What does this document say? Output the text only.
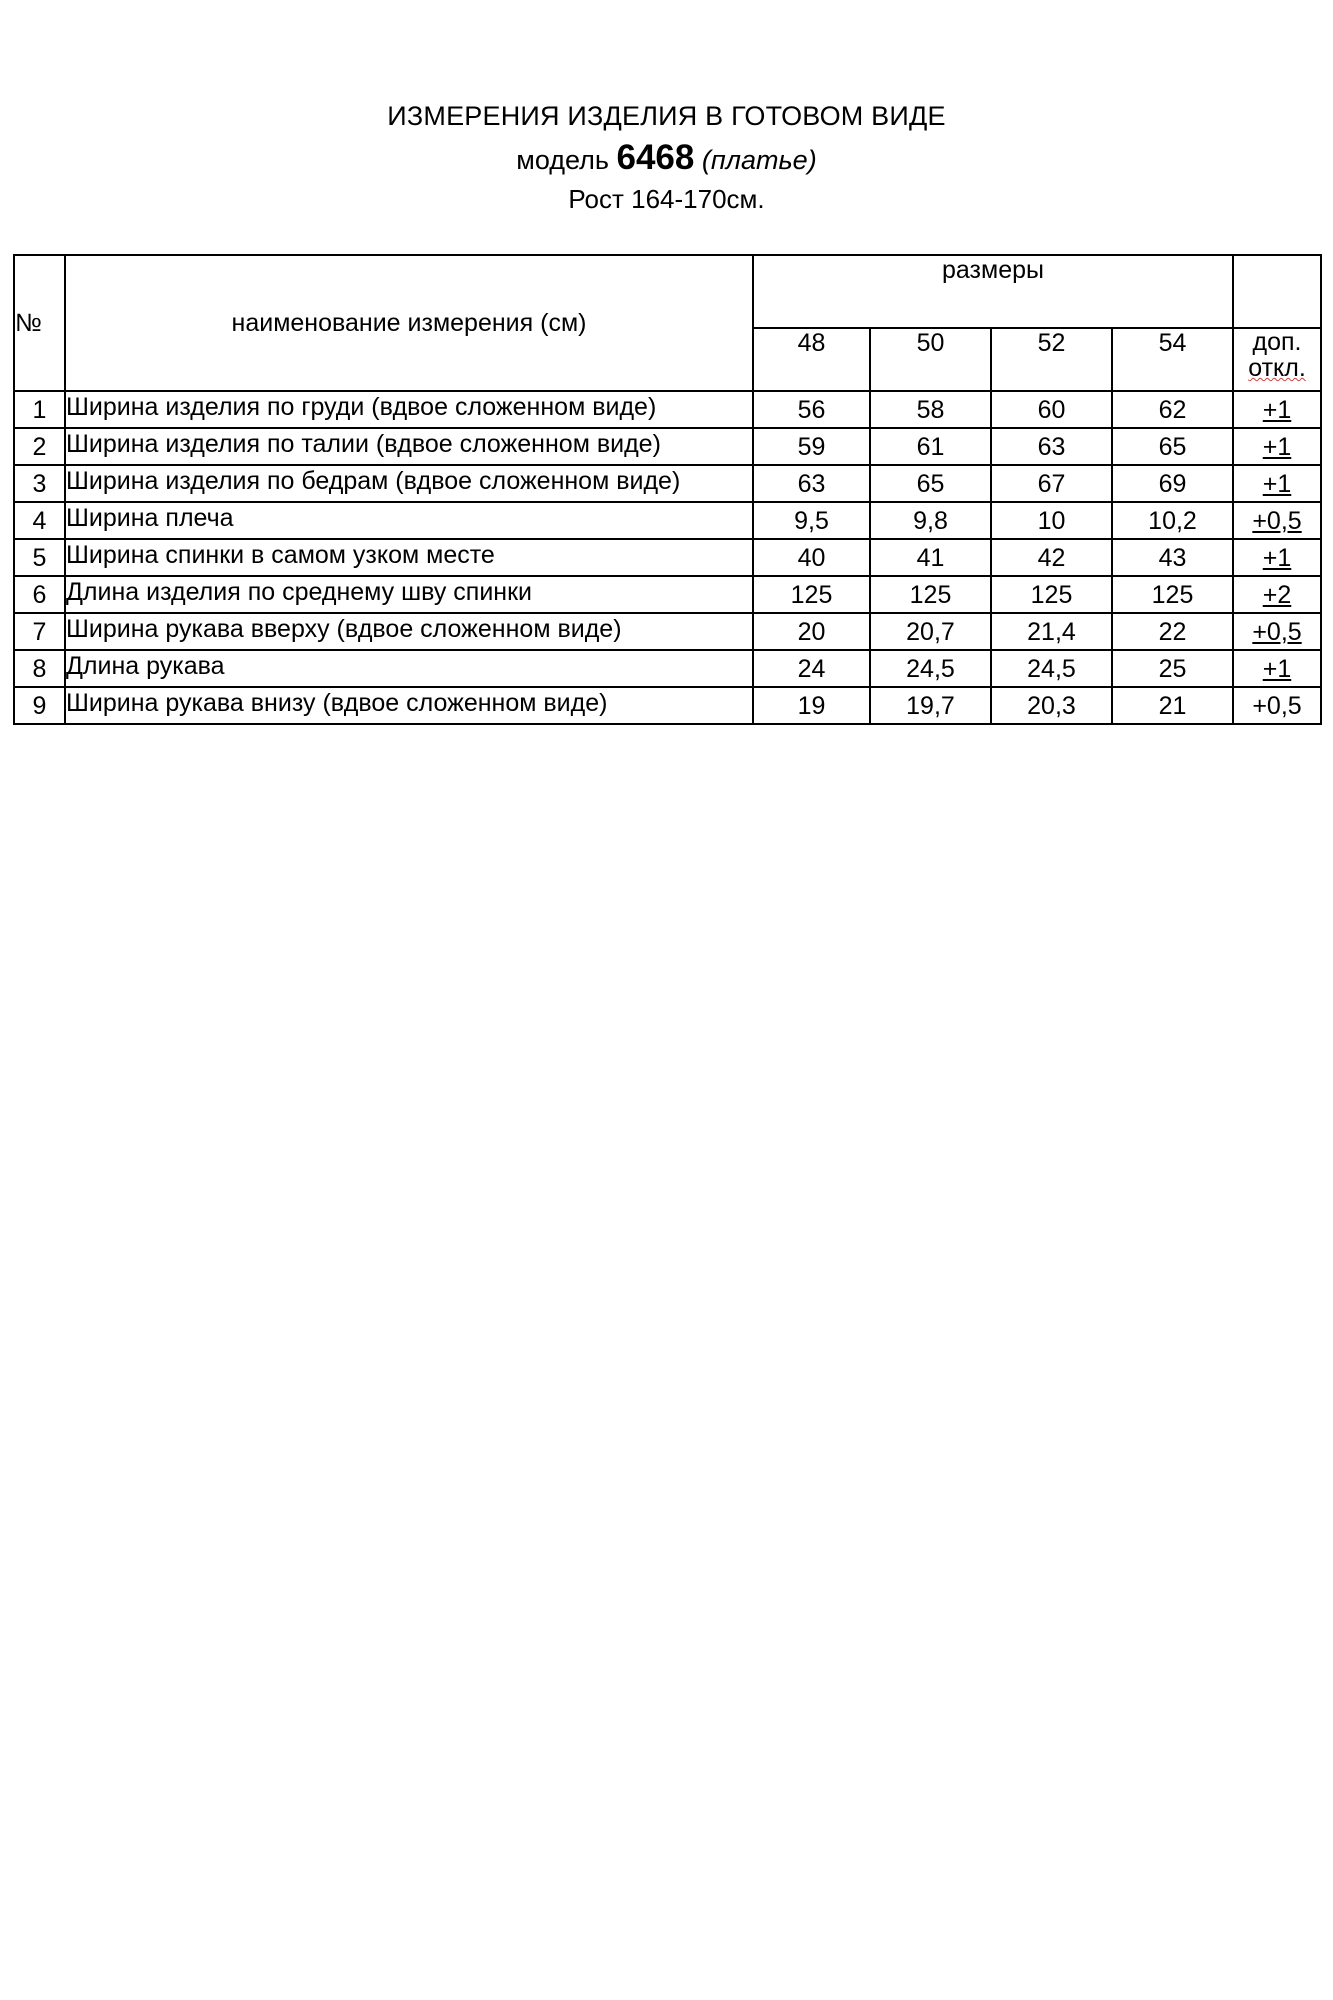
ИЗМЕРЕНИЯ ИЗДЕЛИЯ В ГОТОВОМ ВИДЕ
модель 6468 (платье)
Рост 164-170см.
№	наименование измерения (см)	размеры				
		48	50	52	54	доп.
откл.

1	Ширина изделия по груди (вдвое сложенном виде)	56	58	60	62	+1
2	Ширина изделия по талии (вдвое сложенном виде)	59	61	63	65	+1
3	Ширина изделия по бедрам (вдвое сложенном виде)	63	65	67	69	+1
4	Ширина плеча	9,5	9,8	10	10,2	+0,5
5	Ширина спинки в самом узком месте	40	41	42	43	+1
6	Длина изделия по среднему шву спинки	125	125	125	125	+2
7	Ширина рукава вверху (вдвое сложенном виде)	20	20,7	21,4	22	+0,5
8	Длина рукава	24	24,5	24,5	25	+1
9	Ширина рукава внизу (вдвое сложенном виде)	19	19,7	20,3	21	+0,5
